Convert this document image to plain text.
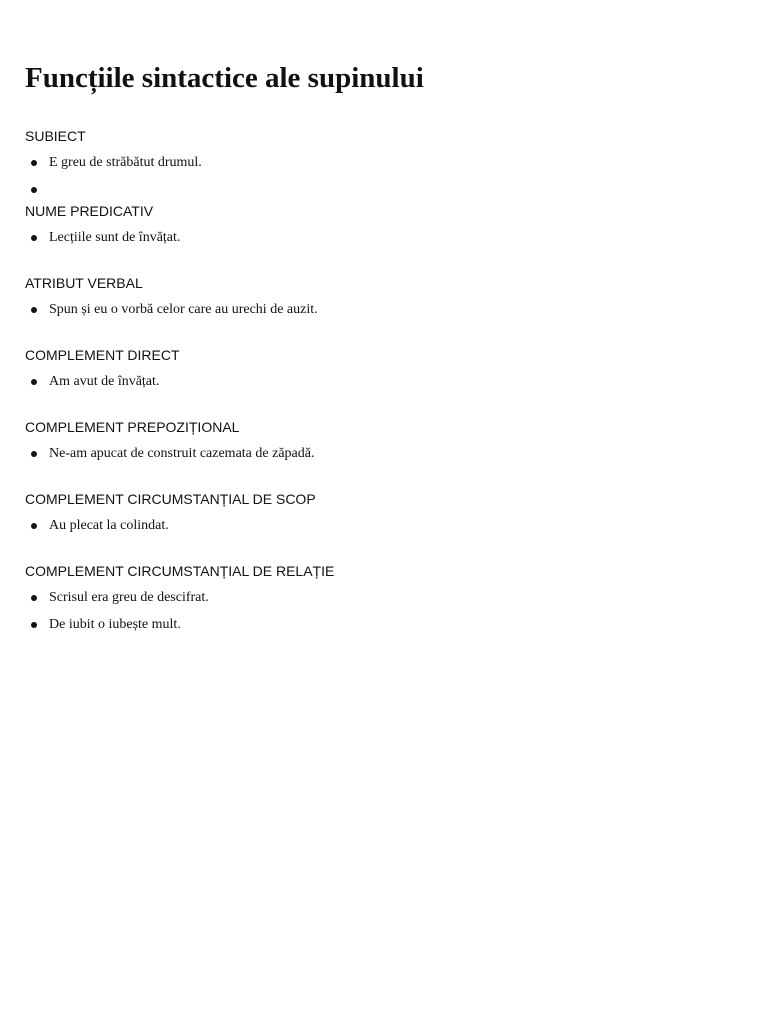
Funcțiile sintactice ale supinului
SUBIECT
E greu de străbătut drumul.
NUME PREDICATIV
Lecțiile sunt de învățat.
ATRIBUT VERBAL
Spun și eu o vorbă celor care au urechi de auzit.
COMPLEMENT DIRECT
Am avut de învățat.
COMPLEMENT PREPOZIȚIONAL
Ne-am apucat de construit cazemata de zăpadă.
COMPLEMENT CIRCUMSTANȚIAL DE SCOP
Au plecat la colindat.
COMPLEMENT CIRCUMSTANȚIAL DE RELAȚIE
Scrisul era greu de descifrat.
De iubit o iubește mult.
